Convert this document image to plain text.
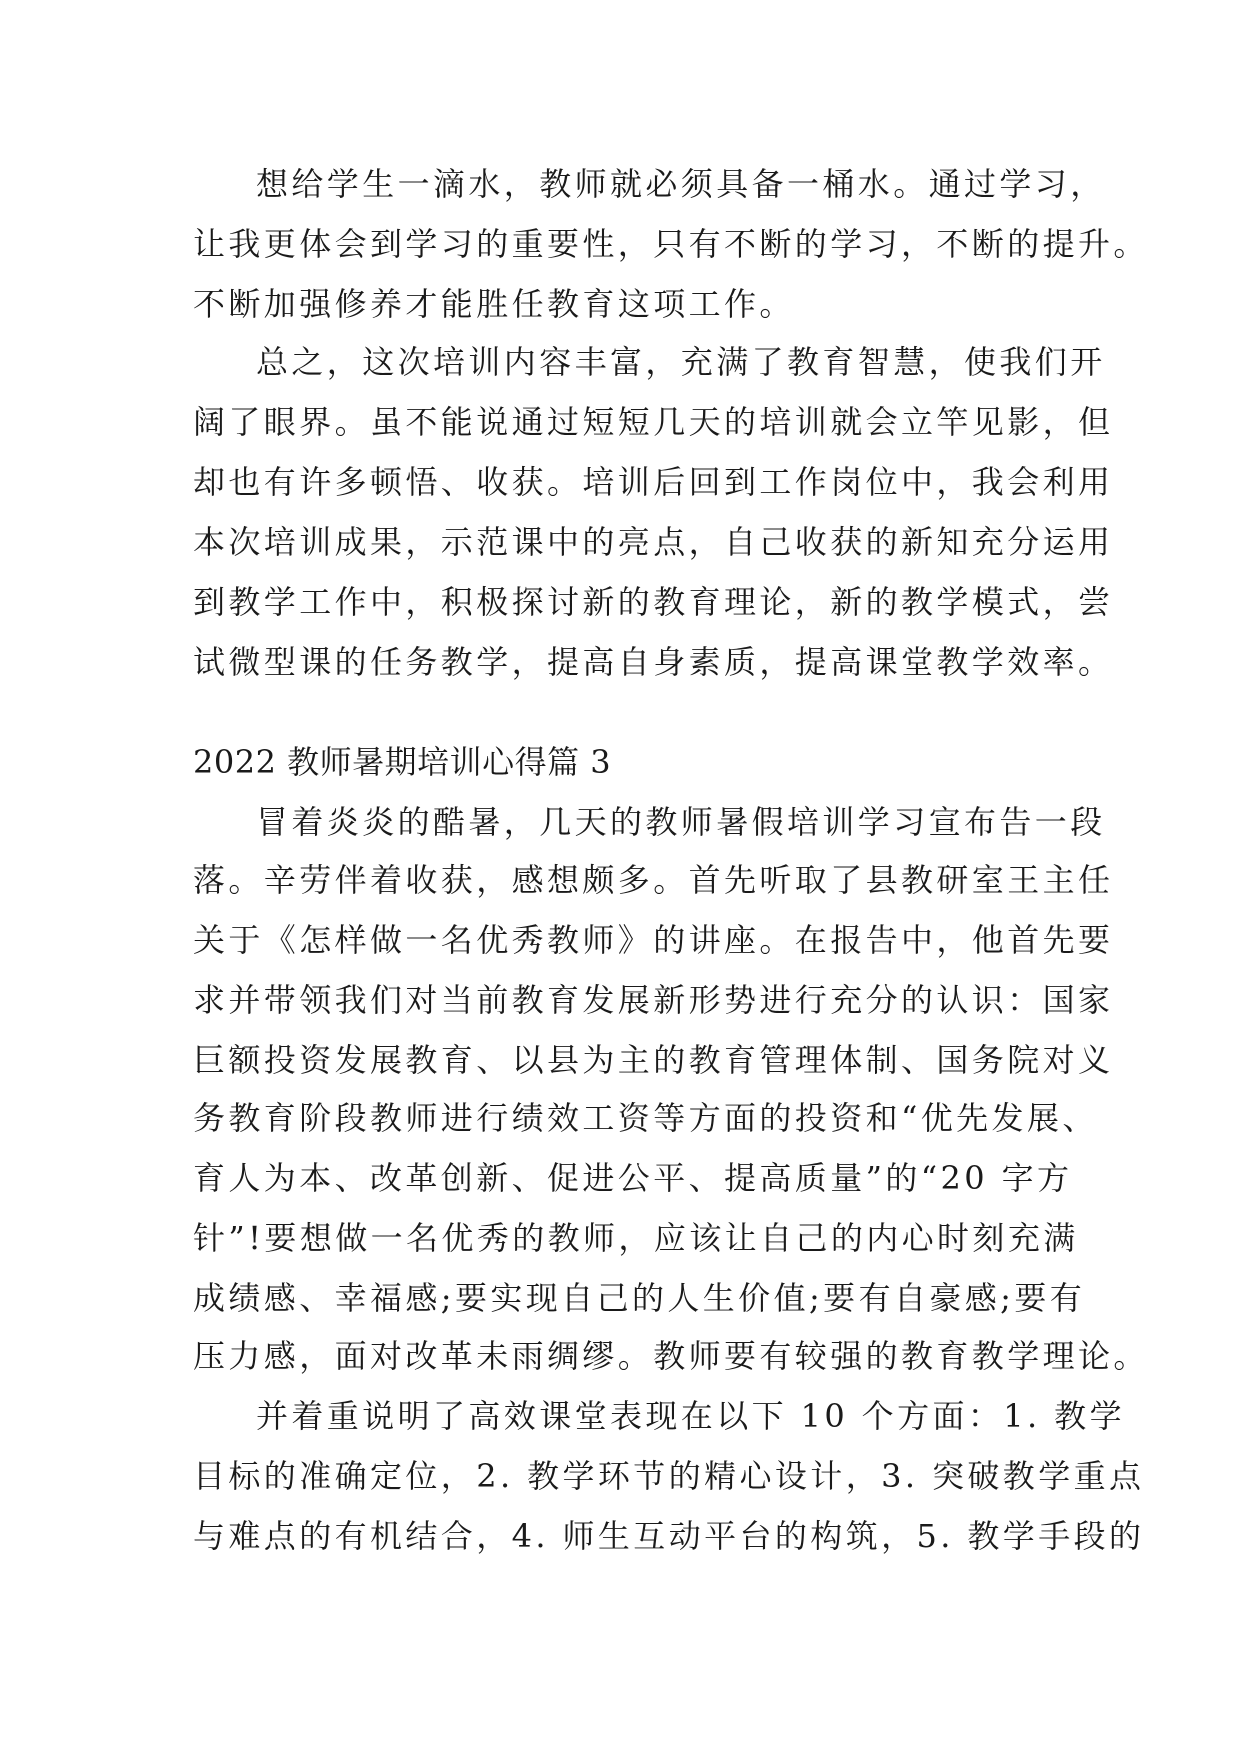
想给学生一滴水，教师就必须具备一桶水。通过学习，
让我更体会到学习的重要性，只有不断的学习，不断的提升。
不断加强修养才能胜任教育这项工作。
总之，这次培训内容丰富，充满了教育智慧，使我们开
阔了眼界。虽不能说通过短短几天的培训就会立竿见影，但
却也有许多顿悟、收获。培训后回到工作岗位中，我会利用
本次培训成果，示范课中的亮点，自己收获的新知充分运用
到教学工作中，积极探讨新的教育理论，新的教学模式，尝
试微型课的任务教学，提高自身素质，提高课堂教学效率。
2022 教师暑期培训心得篇 3
冒着炎炎的酷暑，几天的教师暑假培训学习宣布告一段
落。辛劳伴着收获，感想颇多。首先听取了县教研室王主任
关于《怎样做一名优秀教师》的讲座。在报告中，他首先要
求并带领我们对当前教育发展新形势进行充分的认识：国家
巨额投资发展教育、以县为主的教育管理体制、国务院对义
务教育阶段教师进行绩效工资等方面的投资和“优先发展、
育人为本、改革创新、促进公平、提高质量”的“20 字方
针”!要想做一名优秀的教师，应该让自己的内心时刻充满
成绩感、幸福感;要实现自己的人生价值;要有自豪感;要有
压力感，面对改革未雨绸缪。教师要有较强的教育教学理论。
并着重说明了高效课堂表现在以下 10 个方面：1. 教学
目标的准确定位，2. 教学环节的精心设计，3. 突破教学重点
与难点的有机结合，4. 师生互动平台的构筑，5. 教学手段的
